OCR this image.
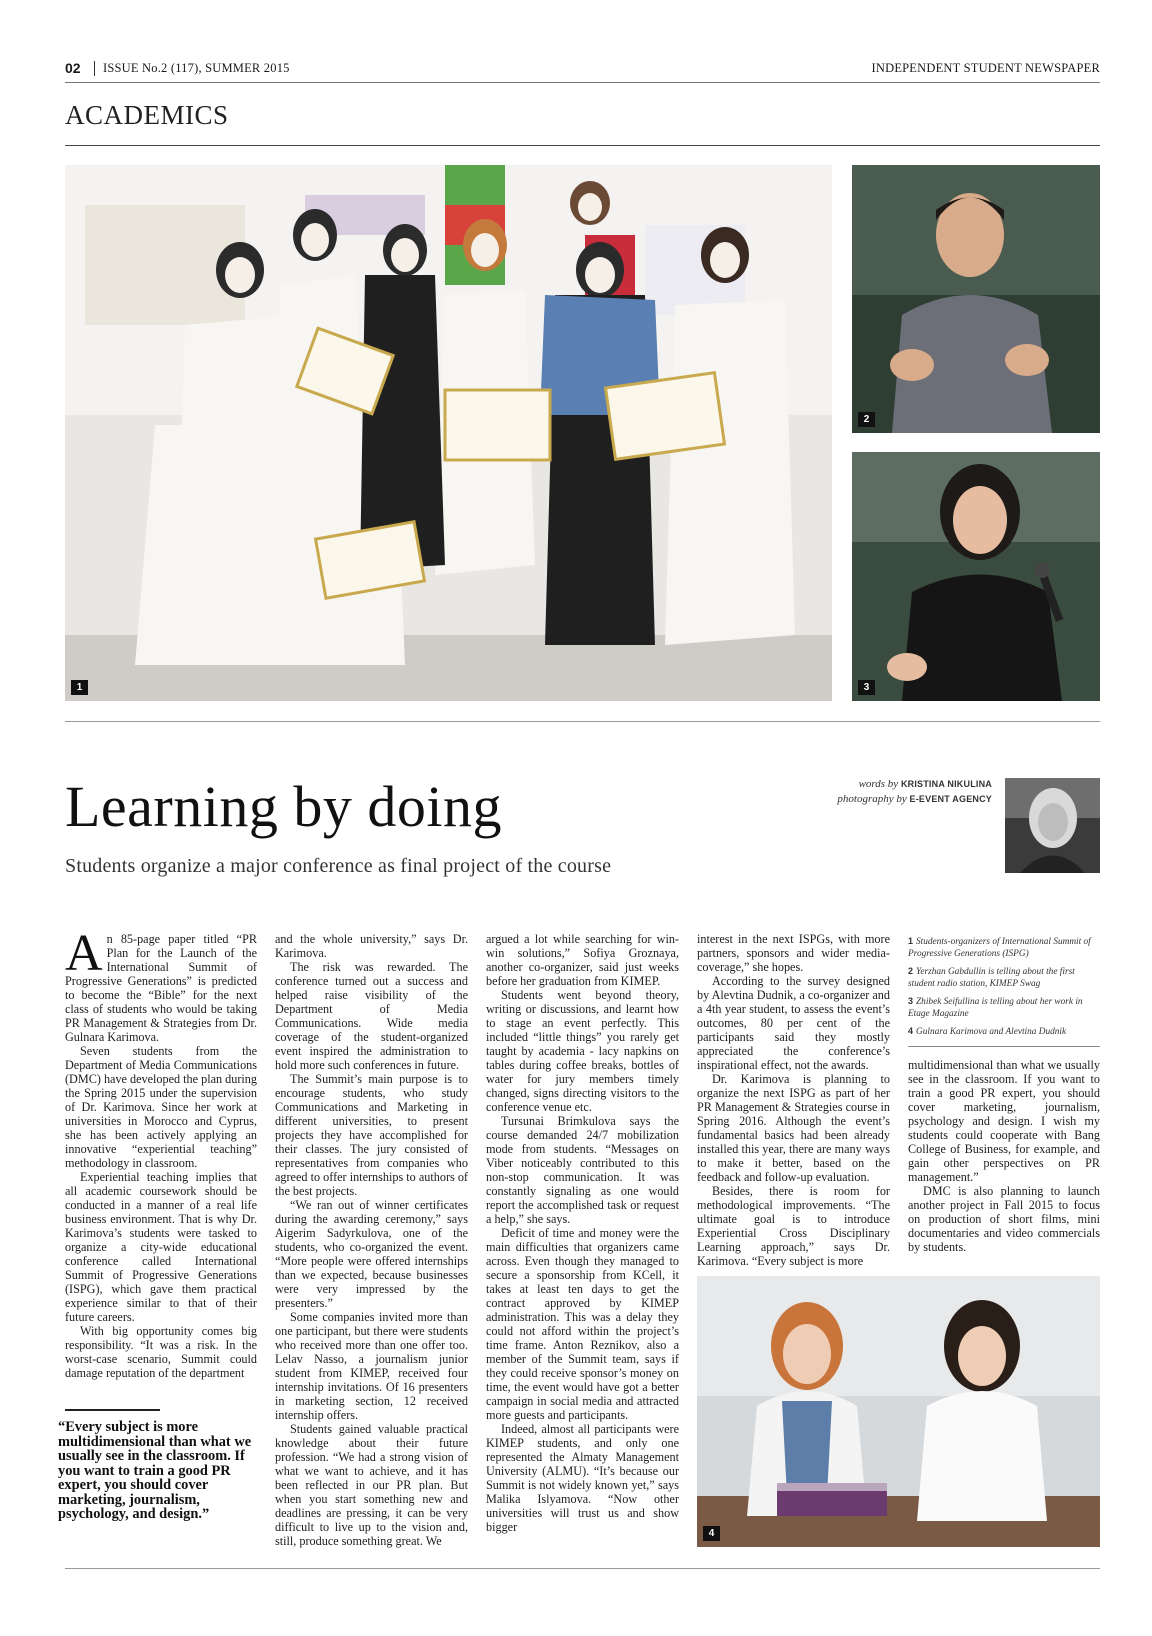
02 ISSUE No.2 (117), SUMMER 2015	INDEPENDENT STUDENT NEWSPAPER
ACADEMICS
1
2
3
Learning by doing
Students organize a major conference as final project of the course
words by KRISTINA NIKULINA
photography by E-EVENT AGENCY

An 85-page paper titled “PR Plan for the Launch of the International Summit of Progressive Generations” is predicted to become the “Bible” for the next class of students who would be taking PR Management & Strategies from Dr. Gulnara Karimova.

Seven students from the Department of Media Communications (DMC) have developed the plan during the Spring 2015 under the supervision of Dr. Karimova. Since her work at universities in Morocco and Cyprus, she has been actively applying an innovative “experiential teaching” methodology in classroom.

Experiential teaching implies that all academic coursework should be conducted in a manner of a real life business environment. That is why Dr. Karimova’s students were tasked to organize a city-wide educational conference called International Summit of Progressive Generations (ISPG), which gave them practical experience similar to that of their future careers.

With big opportunity comes big responsibility. “It was a risk. In the worst-case scenario, Summit could damage reputation of the department

“Every subject is more multidimensional than what we usually see in the classroom. If you want to train a good PR expert, you should cover marketing, journalism, psychology, and design.”

and the whole university,” says Dr. Karimova.

The risk was rewarded. The conference turned out a success and helped raise visibility of the Department of Media Communications. Wide media coverage of the student-organized event inspired the administration to hold more such conferences in future.

The Summit’s main purpose is to encourage students, who study Communications and Marketing in different universities, to present projects they have accomplished for their classes. The jury consisted of representatives from companies who agreed to offer internships to authors of the best projects.

“We ran out of winner certificates during the awarding ceremony,” says Aigerim Sadyrkulova, one of the students, who co-organized the event. “More people were offered internships than we expected, because businesses were very impressed by the presenters.”

Some companies invited more than one participant, but there were students who received more than one offer too. Lelav Nasso, a journalism junior student from KIMEP, received four internship invitations. Of 16 presenters in marketing section, 12 received internship offers.

Students gained valuable practical knowledge about their future profession. “We had a strong vision of what we want to achieve, and it has been reflected in our PR plan. But when you start something new and deadlines are pressing, it can be very difficult to live up to the vision and, still, produce something great. We

argued a lot while searching for win-win solutions,” Sofiya Groznaya, another co-organizer, said just weeks before her graduation from KIMEP.

Students went beyond theory, writing or discussions, and learnt how to stage an event perfectly. This included “little things” you rarely get taught by academia - lacy napkins on tables during coffee breaks, bottles of water for jury members timely changed, signs directing visitors to the conference venue etc.

Tursunai Brimkulova says the course demanded 24/7 mobilization mode from students. “Messages on Viber noticeably contributed to this non-stop communication. It was constantly signaling as one would report the accomplished task or request a help,” she says.

Deficit of time and money were the main difficulties that organizers came across. Even though they managed to secure a sponsorship from KCell, it takes at least ten days to get the contract approved by KIMEP administration. This was a delay they could not afford within the project’s time frame. Anton Reznikov, also a member of the Summit team, says if they could receive sponsor’s money on time, the event would have got a better campaign in social media and attracted more guests and participants.

Indeed, almost all participants were KIMEP students, and only one represented the Almaty Management University (ALMU). “It’s because our Summit is not widely known yet,” says Malika Islyamova. “Now other universities will trust us and show bigger

interest in the next ISPGs, with more partners, sponsors and wider media-coverage,” she hopes.

According to the survey designed by Alevtina Dudnik, a co-organizer and a 4th year student, to assess the event’s outcomes, 80 per cent of the participants said they mostly appreciated the conference’s inspirational effect, not the awards.

Dr. Karimova is planning to organize the next ISPG as part of her PR Management & Strategies course in Spring 2016. Although the event’s fundamental basics had been already installed this year, there are many ways to make it better, based on the feedback and follow-up evaluation.

Besides, there is room for methodological improvements. “The ultimate goal is to introduce Experiential Cross Disciplinary Learning approach,” says Dr. Karimova. “Every subject is more

1 Students-organizers of International Summit of Progressive Generations (ISPG)
2 Yerzhan Gabdullin is telling about the first student radio station, KIMEP Swag
3 Zhibek Seifullina is telling about her work in Etage Magazine
4 Gulnara Karimova and Alevtina Dudnik

multidimensional than what we usually see in the classroom. If you want to train a good PR expert, you should cover marketing, journalism, psychology and design. I wish my students could cooperate with Bang College of Business, for example, and gain other perspectives on PR management.”

DMC is also planning to launch another project in Fall 2015 to focus on production of short films, mini documentaries and video commercials by students.

4
